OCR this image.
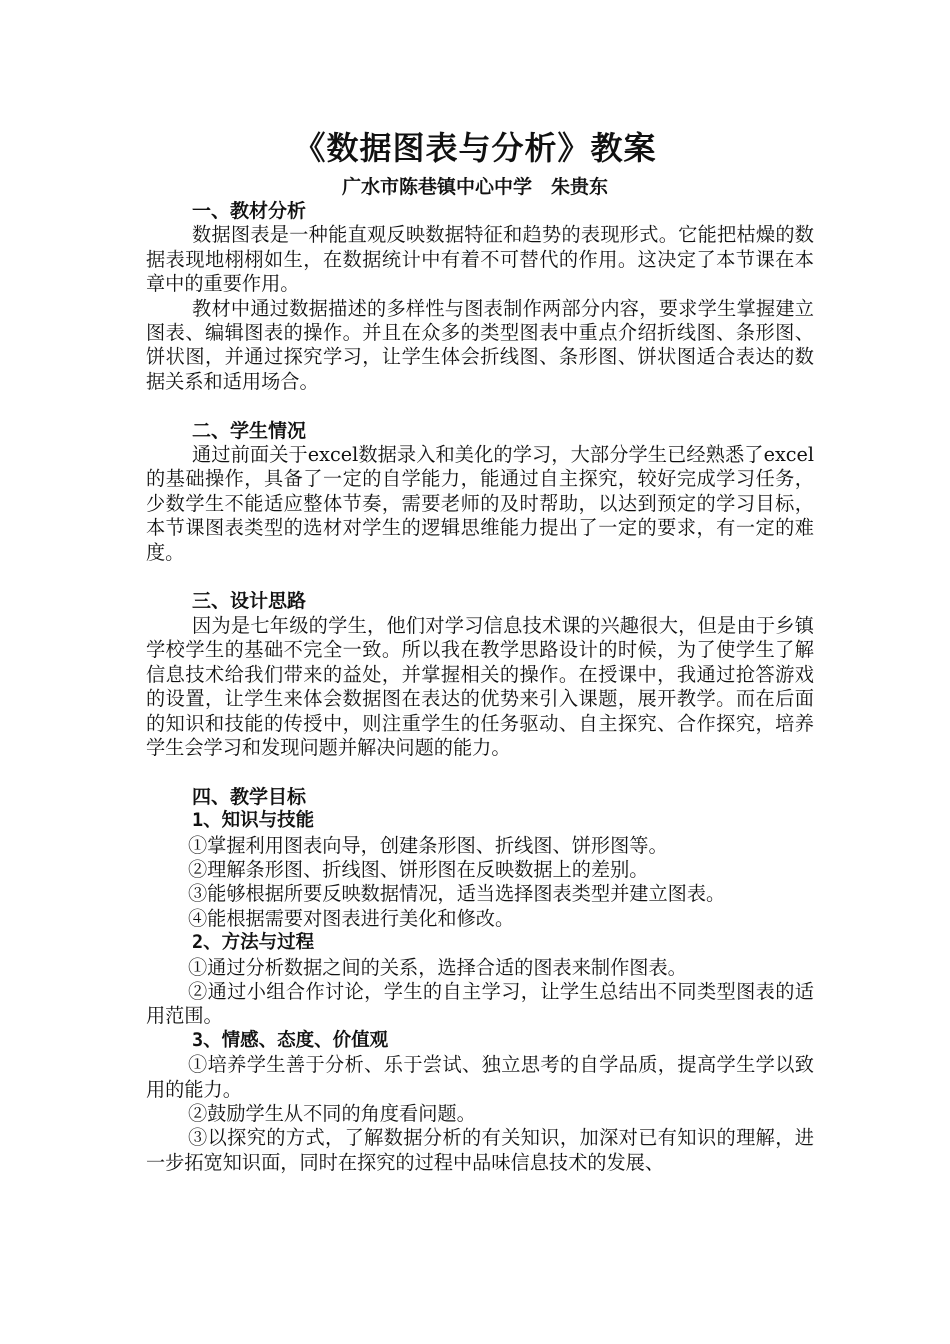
《数据图表与分析》教案
广水市陈巷镇中心中学　朱贵东

一、教材分析

数据图表是一种能直观反映数据特征和趋势的表现形式。它能把枯燥的数据表现地栩栩如生，在数据统计中有着不可替代的作用。这决定了本节课在本章中的重要作用。

教材中通过数据描述的多样性与图表制作两部分内容，要求学生掌握建立图表、编辑图表的操作。并且在众多的类型图表中重点介绍折线图、条形图、饼状图，并通过探究学习，让学生体会折线图、条形图、饼状图适合表达的数据关系和适用场合。

二、学生情况

通过前面关于excel数据录入和美化的学习，大部分学生已经熟悉了excel的基础操作，具备了一定的自学能力，能通过自主探究，较好完成学习任务，少数学生不能适应整体节奏，需要老师的及时帮助，以达到预定的学习目标，本节课图表类型的选材对学生的逻辑思维能力提出了一定的要求，有一定的难度。

三、设计思路

因为是七年级的学生，他们对学习信息技术课的兴趣很大，但是由于乡镇学校学生的基础不完全一致。所以我在教学思路设计的时候，为了使学生了解信息技术给我们带来的益处，并掌握相关的操作。在授课中，我通过抢答游戏的设置，让学生来体会数据图在表达的优势来引入课题，展开教学。而在后面的知识和技能的传授中，则注重学生的任务驱动、自主探究、合作探究，培养学生会学习和发现问题并解决问题的能力。

四、教学目标

1、知识与技能

①掌握利用图表向导，创建条形图、折线图、饼形图等。

②理解条形图、折线图、饼形图在反映数据上的差别。

③能够根据所要反映数据情况，适当选择图表类型并建立图表。

④能根据需要对图表进行美化和修改。

2、方法与过程

①通过分析数据之间的关系，选择合适的图表来制作图表。

②通过小组合作讨论，学生的自主学习，让学生总结出不同类型图表的适用范围。

3、情感、态度、价值观

①培养学生善于分析、乐于尝试、独立思考的自学品质，提高学生学以致用的能力。

②鼓励学生从不同的角度看问题。

③以探究的方式，了解数据分析的有关知识，加深对已有知识的理解，进一步拓宽知识面，同时在探究的过程中品味信息技术的发展、
